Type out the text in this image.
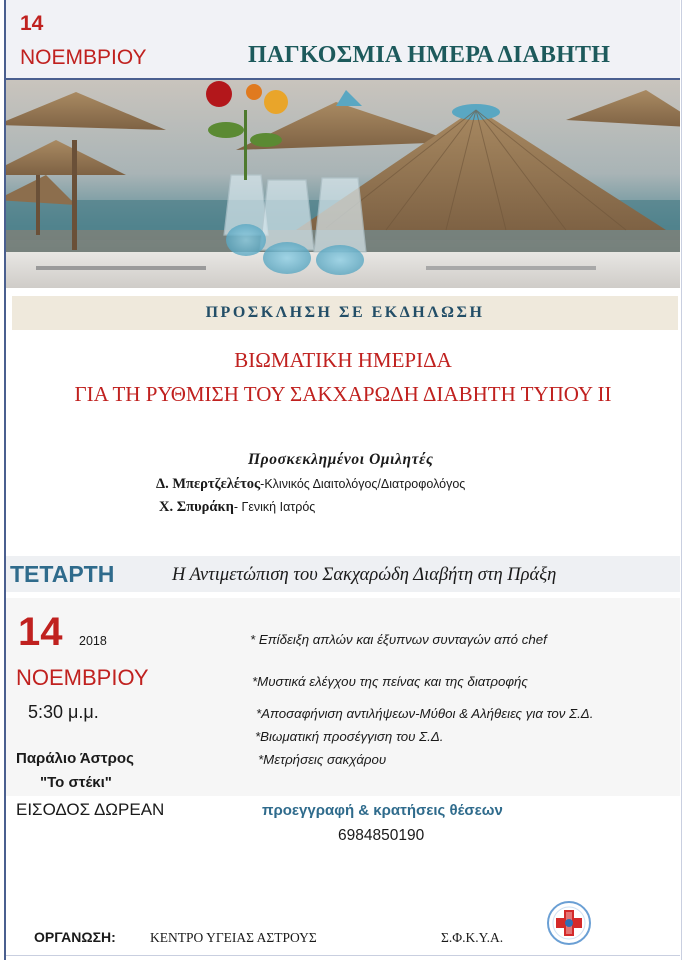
14
ΝΟΕΜΒΡΙΟΥ	ΠΑΓΚΟΣΜΙΑ ΗΜΕΡΑ ΔΙΑΒΗΤΗ
ΠΡΟΣΚΛΗΣΗ ΣΕ ΕΚΔΗΛΩΣΗ
ΒΙΩΜΑΤΙΚΗ ΗΜΕΡΙΔΑ
ΓΙΑ ΤΗ ΡΥΘΜΙΣΗ ΤΟΥ ΣΑΚΧΑΡΩΔΗ ΔΙΑΒΗΤΗ ΤΥΠΟΥ ΙΙ
Προσκεκλημένοι Ομιλητές
Δ. Μπερτζελέτος-Κλινικός Διαιτολόγος/Διατροφολόγος
Χ. Σπυράκη- Γενική Ιατρός
ΤΕΤΑΡΤΗ	Η Αντιμετώπιση του Σακχαρώδη Διαβήτη στη Πράξη
14 2018
ΝΟΕΜΒΡΙΟΥ
5:30 μ.μ.
Παράλιο Άστρος
"Το στέκι"
ΕΙΣΟΔΟΣ ΔΩΡΕΑΝ
* Επίδειξη απλών και έξυπνων συνταγών από chef
*Μυστικά ελέγχου της πείνας και της διατροφής
*Αποσαφήνιση αντιλήψεων-Μύθοι & Αλήθειες για τον Σ.Δ.
*Βιωματική προσέγγιση του Σ.Δ.
*Μετρήσεις σακχάρου
προεγγραφή & κρατήσεις θέσεων
6984850190
ΟΡΓΑΝΩΣΗ:	ΚΕΝΤΡΟ ΥΓΕΙΑΣ ΑΣΤΡΟΥΣ	Σ.Φ.Κ.Υ.Α.
